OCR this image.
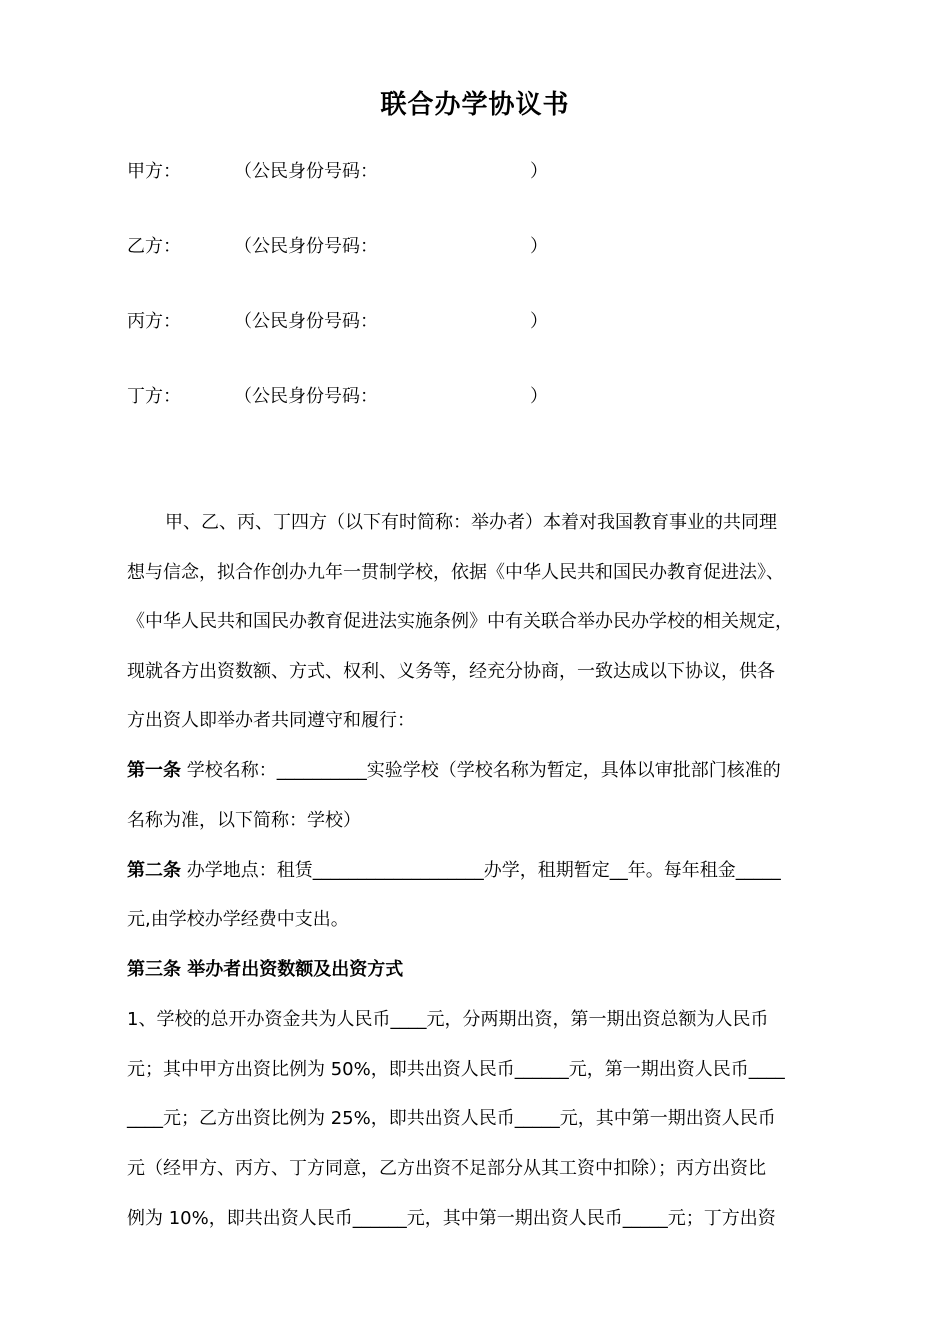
联合办学协议书
甲方：	（公民身份号码：	）
乙方：	（公民身份号码：	）
丙方：	（公民身份号码：	）
丁方：	（公民身份号码：	）
甲、乙、丙、丁四方（以下有时简称：举办者）本着对我国教育事业的共同理
想与信念，拟合作创办九年一贯制学校，依据《中华人民共和国民办教育促进法》、
《中华人民共和国民办教育促进法实施条例》中有关联合举办民办学校的相关规定，
现就各方出资数额、方式、权利、义务等，经充分协商，一致达成以下协议，供各
方出资人即举办者共同遵守和履行：
第一条 学校名称：__________实验学校（学校名称为暂定，具体以审批部门核准的
名称为准，以下简称：学校）
第二条 办学地点：租赁___________________办学，租期暂定__年。每年租金_____
元,由学校办学经费中支出。
第三条 举办者出资数额及出资方式
1、学校的总开办资金共为人民币____元，分两期出资，第一期出资总额为人民币
元；其中甲方出资比例为 50%，即共出资人民币______元，第一期出资人民币____
____元；乙方出资比例为 25%，即共出资人民币_____元，其中第一期出资人民币
元（经甲方、丙方、丁方同意，乙方出资不足部分从其工资中扣除）；丙方出资比
例为 10%，即共出资人民币______元，其中第一期出资人民币_____元；丁方出资
